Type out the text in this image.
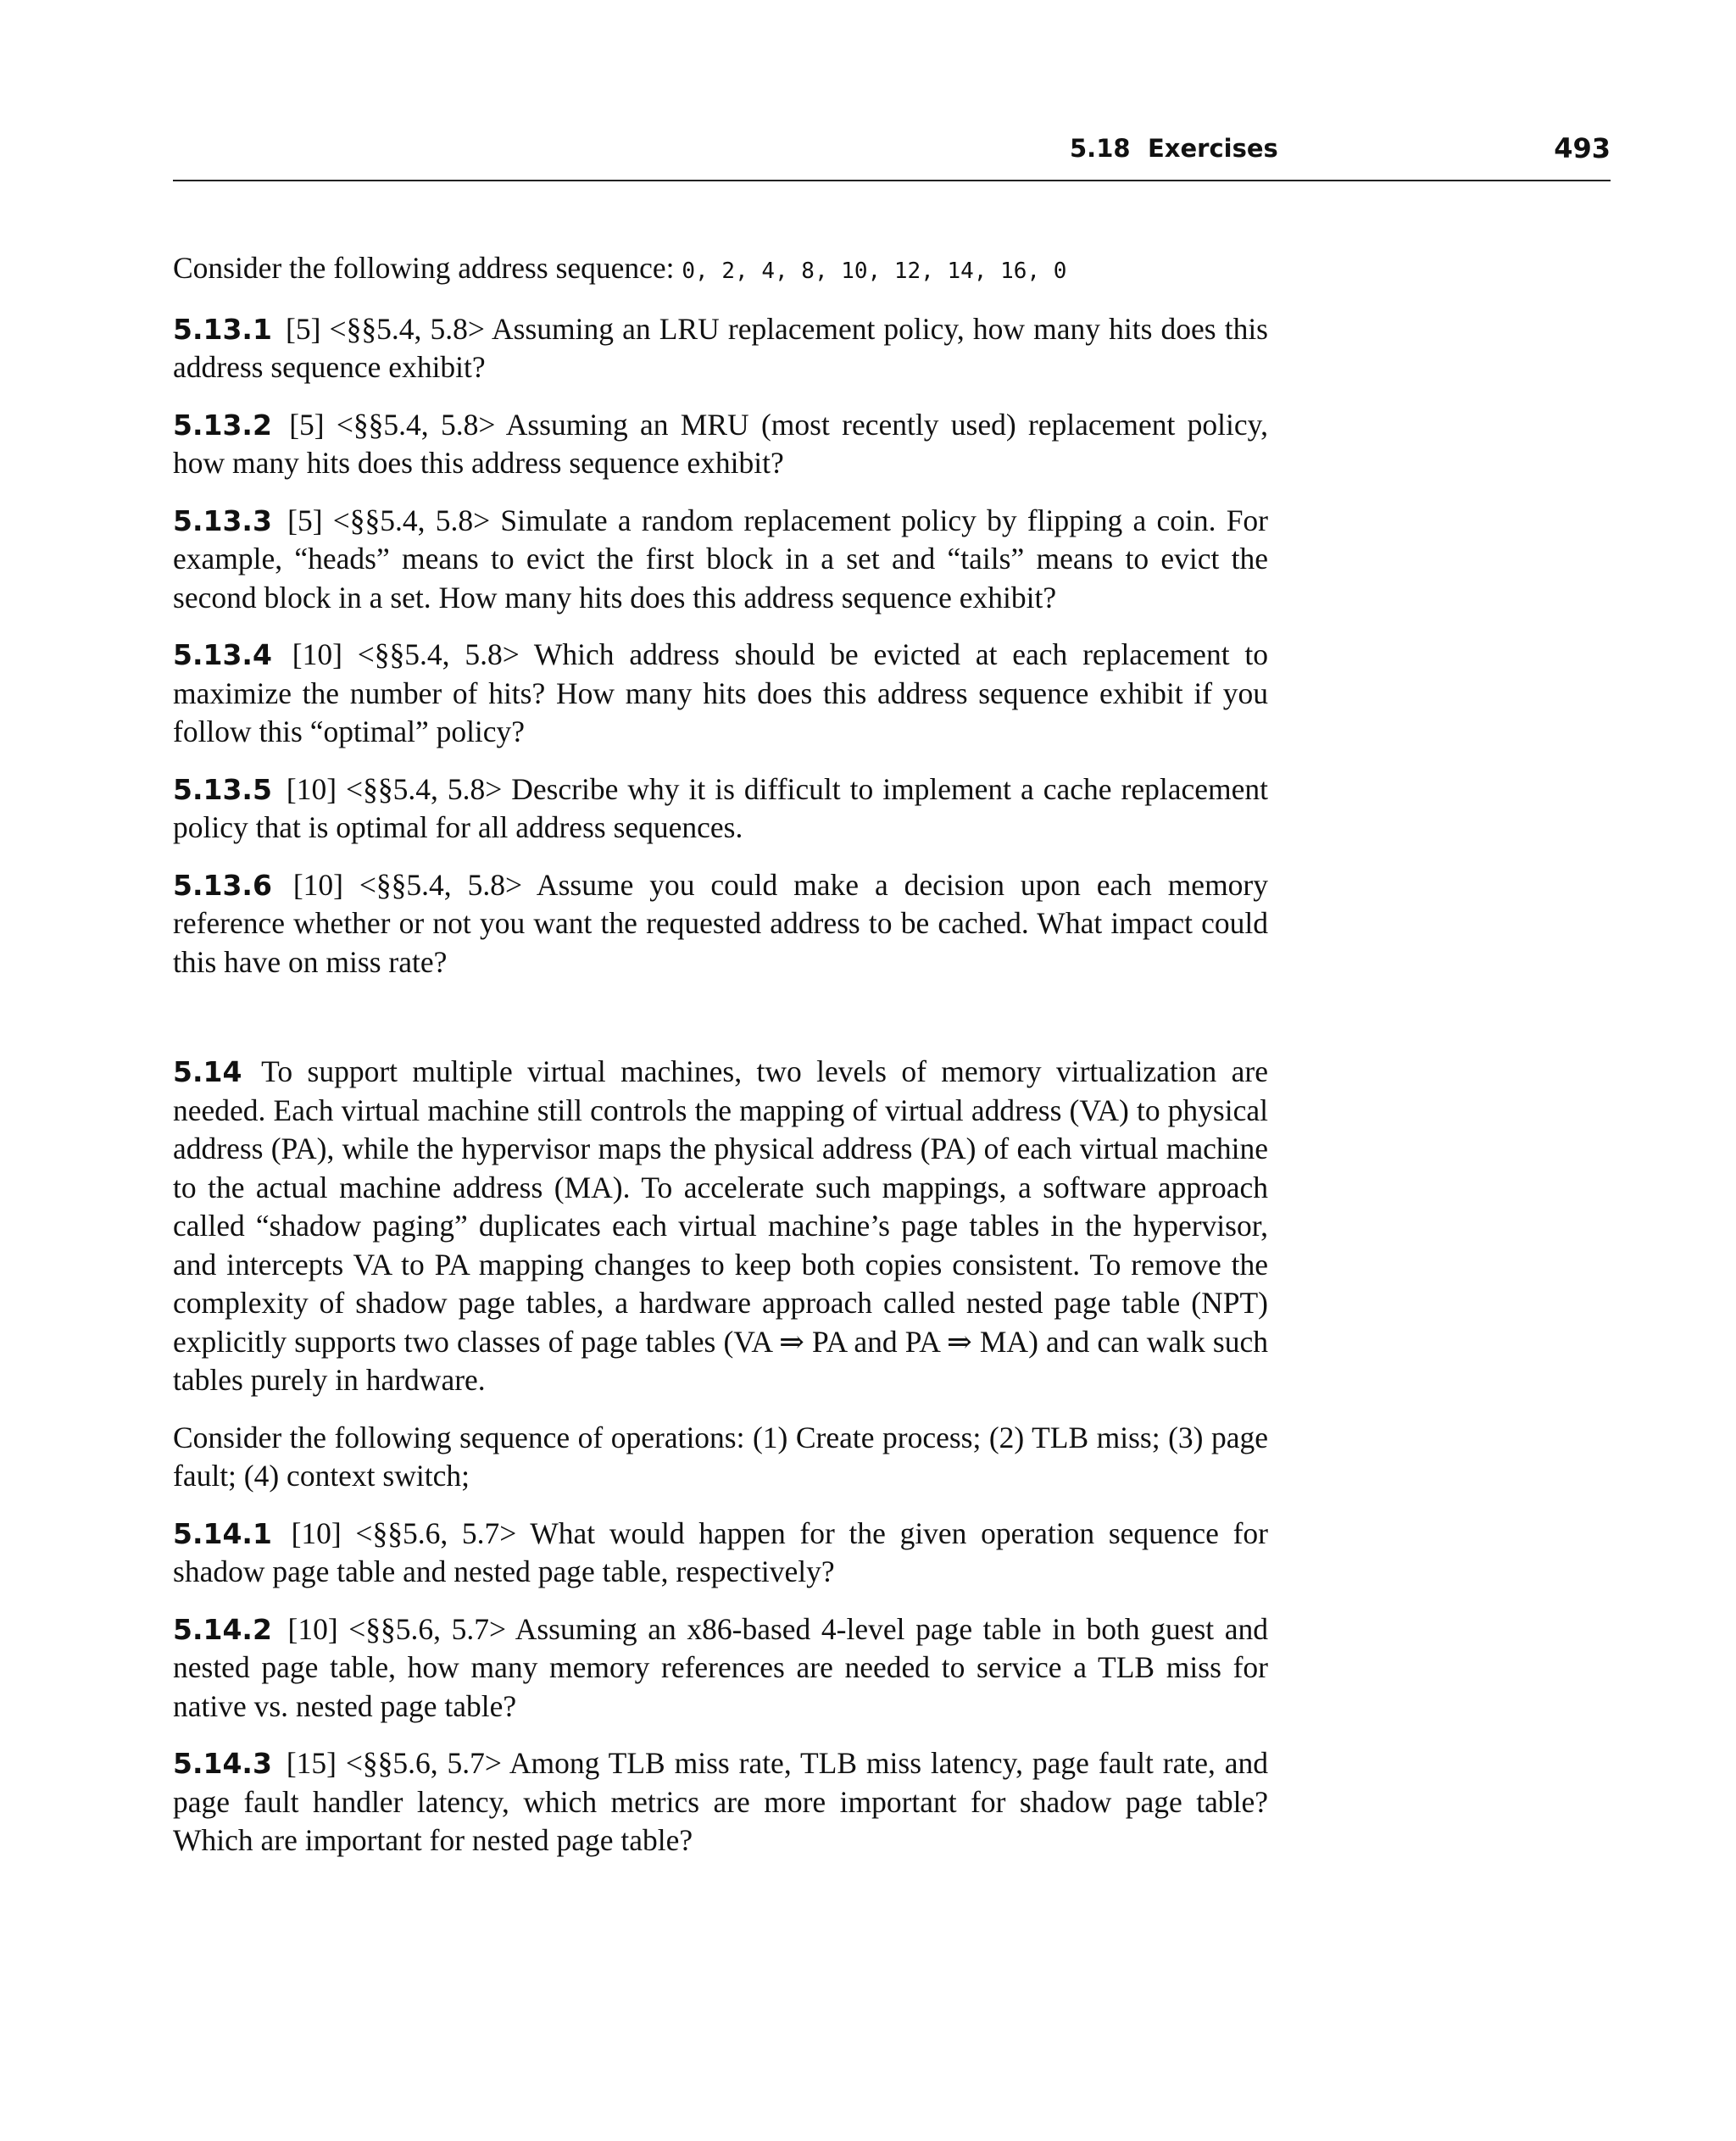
5.18 Exercises	493

Consider the following address sequence: 0, 2, 4, 8, 10, 12, 14, 16, 0

5.13.1 [5] <§§5.4, 5.8> Assuming an LRU replacement policy, how many hits does this address sequence exhibit?

5.13.2 [5] <§§5.4, 5.8> Assuming an MRU (most recently used) replacement policy, how many hits does this address sequence exhibit?

5.13.3 [5] <§§5.4, 5.8> Simulate a random replacement policy by flipping a coin. For example, “heads” means to evict the first block in a set and “tails” means to evict the second block in a set. How many hits does this address sequence exhibit?

5.13.4 [10] <§§5.4, 5.8> Which address should be evicted at each replacement to maximize the number of hits? How many hits does this address sequence exhibit if you follow this “optimal” policy?

5.13.5 [10] <§§5.4, 5.8> Describe why it is difficult to implement a cache replacement policy that is optimal for all address sequences.

5.13.6 [10] <§§5.4, 5.8> Assume you could make a decision upon each memory reference whether or not you want the requested address to be cached. What impact could this have on miss rate?

5.14 To support multiple virtual machines, two levels of memory virtualization are needed. Each virtual machine still controls the mapping of virtual address (VA) to physical address (PA), while the hypervisor maps the physical address (PA) of each virtual machine to the actual machine address (MA). To accelerate such mappings, a software approach called “shadow paging” duplicates each virtual machine’s page tables in the hypervisor, and intercepts VA to PA mapping changes to keep both copies consistent. To remove the complexity of shadow page tables, a hardware approach called nested page table (NPT) explicitly supports two classes of page tables (VA ⇒ PA and PA ⇒ MA) and can walk such tables purely in hardware.

Consider the following sequence of operations: (1) Create process; (2) TLB miss; (3) page fault; (4) context switch;

5.14.1 [10] <§§5.6, 5.7> What would happen for the given operation sequence for shadow page table and nested page table, respectively?

5.14.2 [10] <§§5.6, 5.7> Assuming an x86-based 4-level page table in both guest and nested page table, how many memory references are needed to service a TLB miss for native vs. nested page table?

5.14.3 [15] <§§5.6, 5.7> Among TLB miss rate, TLB miss latency, page fault rate, and page fault handler latency, which metrics are more important for shadow page table? Which are important for nested page table?
